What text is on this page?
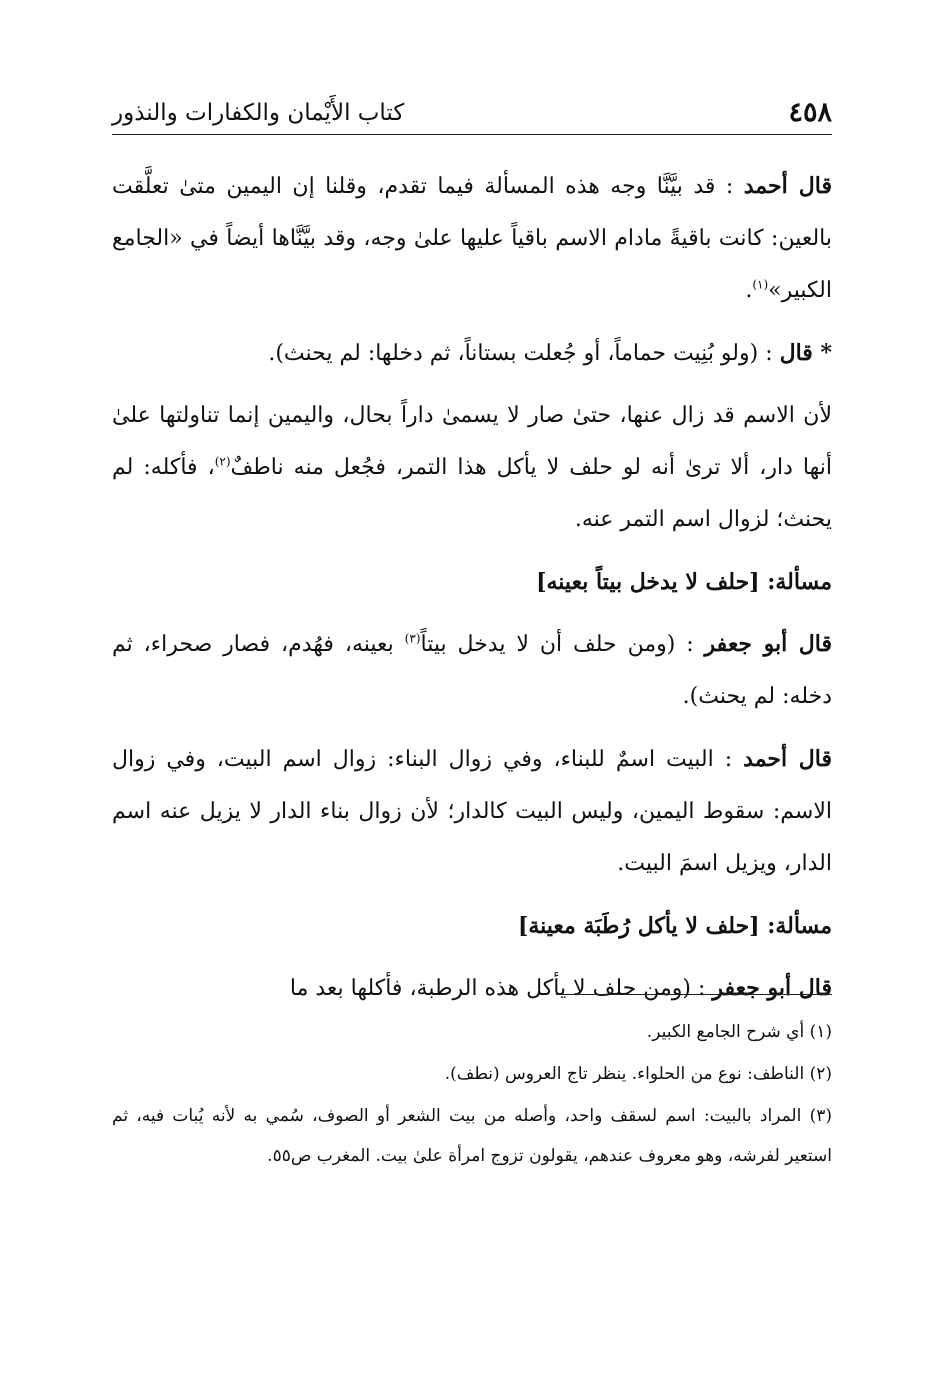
٤٥٨
كتاب الأَيْمان والكفارات والنذور

قال أحمد : قد بيَّنَّا وجه هذه المسألة فيما تقدم، وقلنا إن اليمين متىٰ تعلَّقت بالعين: كانت باقيةً مادام الاسم باقياً عليها علىٰ وجه، وقد بيَّنَّاها أيضاً في «الجامع الكبير»$^{(١)}$.

* قال : (ولو بُنِيت حماماً، أو جُعلت بستاناً، ثم دخلها: لم يحنث).

لأن الاسم قد زال عنها، حتىٰ صار لا يسمىٰ داراً بحال، واليمين إنما تناولتها علىٰ أنها دار، ألا ترىٰ أنه لو حلف لا يأكل هذا التمر، فجُعل منه ناطفٌ$^{(٢)}$، فأكله: لم يحنث؛ لزوال اسم التمر عنه.

مسألة: [حلف لا يدخل بيتاً بعينه]

قال أبو جعفر : (ومن حلف أن لا يدخل بيتاً$^{(٣)}$ بعينه، فهُدم، فصار صحراء، ثم دخله: لم يحنث).

قال أحمد : البيت اسمٌ للبناء، وفي زوال البناء: زوال اسم البيت، وفي زوال الاسم: سقوط اليمين، وليس البيت كالدار؛ لأن زوال بناء الدار لا يزيل عنه اسم الدار، ويزيل اسمَ البيت.

مسألة: [حلف لا يأكل رُطَبَة معينة]

قال أبو جعفر : (ومن حلف لا يأكل هذه الرطبة، فأكلها بعد ما

(١) أي شرح الجامع الكبير.

(٢) الناطف: نوع من الحلواء. ينظر تاج العروس (نطف).

(٣) المراد بالبيت: اسم لسقف واحد، وأصله من بيت الشعر أو الصوف، سُمي به لأنه يُبات فيه، ثم استعير لفرشه، وهو معروف عندهم، يقولون تزوج امرأة علىٰ بيت. المغرب ص٥٥.
